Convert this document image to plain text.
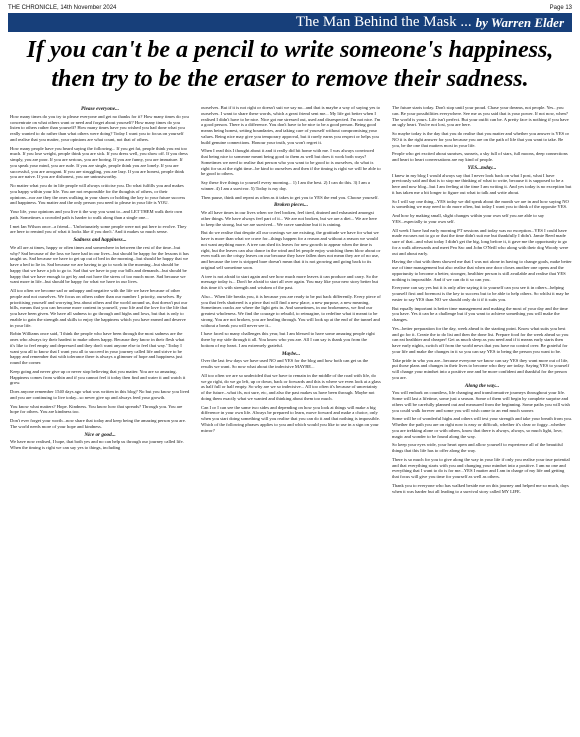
THE CHRONICLE, 14th November 2024	Page 13
The Man Behind the Mask ... by Warren Elder
If you can't be a pencil to write someone's happiness, then try to be the eraser to remove their sadness.
Please everyone...

How many times do you try to please everyone and get no thanks for it? How many times do you concentrate on what others want or need and forget about yourself? How many times do you listen to others rather than yourself? How many times have you wished you had done what you really wanted to do rather than what others were doing? Today I want you to focus on yourself and realise that you matter, your opinions are what count, not that of others.

How many people have you heard saying the following... If you get fat, people think you eat too much. If you lose weight, people think you are sick. If you dress well, you show off. If you dress simply, you are poor. If you are serious, you are boring. If you are funny, you are immature. If you speak your mind, you are rude. If you are single, people think you are lonely. If you are successful, you are arrogant. If you are struggling, you are lazy. If you are honest, people think you are naive. If you are dishonest, you are untrustworthy.

No matter what you do in life people will always criticise you. Do what fulfills you and makes you happy within your life. You are not responsible for the thoughts of others, or their opinions...nor are they the ones walking in your shoes or holding the key to your future success and happiness. You matter and the only person you need to please in your life is YOU.

Your life, your opinions and you live it the way you want to...and LET THEM walk their own path. Sometimes a crowded path is harder to walk along than a single one...

I met Ian Wilson once...a friend... 'Unfortunately some people were not put here to evolve. They are here to remind you of what it looks like if you don't.' And it makes so much sense.

Sadness and happiness...

We all are at times, happy or often times and somewhere in between the rest of the time...but why? Sad because of the loss we have had in our lives...but should be happy for the lessons it has taught us. Sad because we have to get up out of bed in the morning...but should be happy that we have a bed to lie in. Sad because we are having to go to work in the morning...but should be happy that we have a job to go to. Sad that we have to pay our bills and demands...but should be happy that we have enough to get by and not have the stress of too much more. Sad because we want more in life...but should be happy for what we have in our lives.

All too often we become sad or unhappy and negative with the life we have because of other people and not ourselves. We focus on others rather than our number 1 priority, ourselves. By prioritising yourself and worrying less about others and the world around us, that doesn't put our bills, means that you can become more content in yourself, your life and the love for the life that you have been given. We have all sadness to go through and highs and lows, but that is only to enable to gain the strength and skills to enjoy the happiness which you have earned and deserve in your life.

Robin Williams once said, 'I think the people who have been through the most sadness are the ones who always try their hardest to make others happy. Because they know in their flesh what it's like to feel empty and depressed and they don't want anyone else to feel that way.' Today I want you all to know that I want you all to succeed in your journey called life and strive to be happy and remember that with tolerance there is always a glimmer of hope and happiness just round the corner.

Keep going and never give up or never stop believing that you matter. You are so amazing. Happiness comes from within and if you cannot feel it today then find and water it and watch it grow.

Does anyone remember 1540 days ago what was written in this blog? No but you know you lived and you are continuing to live today...so never give up and always feed your growth.

You know what matters? Hope. Kindness. You know how that spreads? Through you. You are hope for others. You are kindness too.

Don't ever forget your worth...now share that today and keep being the amazing person you are. The world needs more of your hope and kindness.

Nice or good...

We have now realised, I hope, that both yes and no can help us through our journey called life. When the timing is right we can say yes to things, including

ourselves. But if it is not right or doesn't suit we say no...and that is maybe a way of saying yes to ourselves. I want to share these words, which a great friend sent me... My life got better when I realised I didn't have to be nice. Nice got me stressed out, used and disrespected. I'm not nice. I'm a good person. There is a difference. You don't have to be nice to be a good person. Being good means being honest, setting boundaries, and taking care of yourself without compromising your values. Being nice may give you temporary approval, but it rarely earns you respect or helps you build genuine connections. Honour your truth, you won't regret it.

When I read this I thought about it and it really did hit home with me. I was always convinced that being nice to someone meant being good to them as well but does it work both ways? Sometimes we need to realise that person who you want to be good to is ourselves, do what is right for us at the right time...be kind to ourselves and then if the timing is right we will be able to be good to others.

Say these five things to yourself every morning... 1) I am the best. 2) I can do this. 3) I am a winner. 4) I am a survivor. 5) Today is my day.

Then pause, think and repeat as often as it takes to get you to YES the end you. Choose yourself.

Broken pieces...

We all have times in our lives when we feel broken, feel tired, drained and exhausted amongst other things. We have always feel part of it... We are not broken, but we are a diet... We are here to keep the strong, but we are survived... We crave sunshine but it is raining.

But do we realise that despite all our cravings we are existing, the gratitude we have for what we have is more than what we crave for...things happen for a reason and without a reason we would not want anything more. A tree can shed its leaves for new growth to appear when the time is right, but the leaves can also dance in the wind and let people enjoy watching them blow about or even walk on the crispy leaves on our because they have fallen does not mean they are of no use, and because the tree is stripped bare doesn't mean that it is not growing and going back to its original self sometime soon.

A tree is not afraid to start again and see how much more leaves it can produce and carry. So the message today is... Don't be afraid to start all over again. You may like your new story better but this time it's with strength and wisdom of the past.

Also... When life breaks you, it is because you are ready to be put back differently. Every piece of you that feels shattered is a piece that will find a new place, a new purpose, a new meaning. Sometimes cracks are where the light gets in. And sometimes, in our brokenness, we find our greatest wholeness. We find the courage to rebuild, to reimagine, to redefine what it meant to be strong. You are not broken, you are healing through. You will look up at the end of the tunnel and without a break you will never see it...

I have faced so many challenges this year, but I am blessed to have some amazing people right there by my side through it all. You know who you are. All I can say is thank you from the bottom of my heart. I am extremely grateful.

Maybe...

Over the last few days we have used NO and YES for the blog and how both can get us the results we want. So now what about the indecisive MAYBE...

All too often we are so undecided that we have to remain in the middle of the road with life, do we go right, do we go left, up or down, back or forwards and this is where we even look at a glass as half full or half empty. So why are we so indecisive... All too often it's because of uncertainty of the future...what ifs, not sure, etc, and also the past makes us have been through. Maybe not doing them exactly what we wanted and thinking about them too much.

Can I or I can see the same two sides and depending on how you look at things will make a big difference in your own life. Always be prepared to learn, move forward and make a choice, only when you start doing something will you realise that you can do it and that nothing is impossible. Which of the following phrases applies to you and which would you like to use in a sign on your mirror?

The future starts today. Don't stop until your proud. Chase your dreams, not people. Yes...you can. Be your possibilities everywhere. See me as you said that is your power. If not now, when? The world is yours. Life isn't perfect. But your outfit can be. A pretty face is nothing if you have an ugly heart. You're not lost, you are here.

So maybe today is the day that you do realise that you matter and whether you answer is YES or NO it is the right answer for you because you are on the path of life that you want to take. Be you, be the one that matters most in your life.

People who get excited about sunrises, sunsets, a sky full of stars, full moons, deep connections and heart to heart conversations are my kind of people.

YES...today...

I knew in my blog I would always say that I never look back on what I post, what I have previously said and that is to stop me thinking of what to write, because it is supposed to be a here and now blog...but I am feeling at the time I am writing it. And yes today is no exception but it has taken me a bit longer to figure out what to talk and write about.

So I will say one thing...YES today we did speak about the month we are in and how saying NO is something we may need to do more often, but today I want you to think of the opposite YES.

And how by making small, slight changes within your own self you are able to say YES...especially to your own self.

All week I have had early morning PT sessions and today was no exception...YES I could have made excuses not to go or that the time didn't suit me but thankfully I didn't. Jamie Reed made sure of that...and what today I didn't get the big, long before it, it gave me the opportunity to go for a walk afterwards and meet Pea Sac and John O'Neill who along with their dog Woody were out and about early.

Having the chat with them showed me that I was not alone in having to change goals, make better use of time management but also realise that when one door closes another one opens and the opportunity to become a better, stronger, healthier person is still available and realise that YES nothing is impossible. And if we can do it so can you.

Everyone can say yes but it is only after saying it to yourself can you see it in others...helping yourself first and foremost is the key to success but to be able to help others. So whilst it may be easier to say YES than NO we should only do it if it suits you.

But equally important is better time management and making the most of your day and the time you have. Yes it can be a challenge but if you want to achieve something you will make the changes.

Yes...better preparation for the day, week ahead is the starting point. Know what suits you best and go for it. Create the to do list and then the done list. Prepare food for the week ahead so you can eat healthier and cheaper! Get as much sleep as you need and if it means early starts then have early nights, switch off from the world news that you have no control over. Be grateful for your life and make the changes in it so you can say YES to being the person you want to be.

Take pride in who you are...because everyone we know can say YES they want more out of life, put those plans and changes in their lives to become who they are today. Saying YES to yourself will change your mindset into a positive one and be more confident and thankful for the person you are.

Along the way...

You will embark on countless, life changing and transformative journeys throughout your life. Some will last a lifetime, some just a season. Some of them will begin by complete surprise and others will be carefully planned out and measured from the beginning. Some paths you will wish you could walk forever and some you will wish came to an end much sooner.

Some will be of wonderful highs and others will test your strength and take your breath from you. Whether the path you are on right now is easy or difficult, whether it's clear or foggy...whether you are trekking alone or with others, know that there is always, always, so much light, love, magic and wonder to be found along the way.

So keep your eyes wide, your heart open and allow yourself to experience all of the beautiful things that this life has to offer along the way.

There is so much for you to give along the way in your life if only you realise your true potential and that everything starts with you and changing your mindset into a positive. I am no one and everything that I want to do is for me...YES I matter and I am in charge of my life and getting that focus will give you time for yourself as well as others.

Thank you to everyone who has walked beside me on this journey and helped me so much, days when it was harder but all leading to a survival story called MY LIFE.
